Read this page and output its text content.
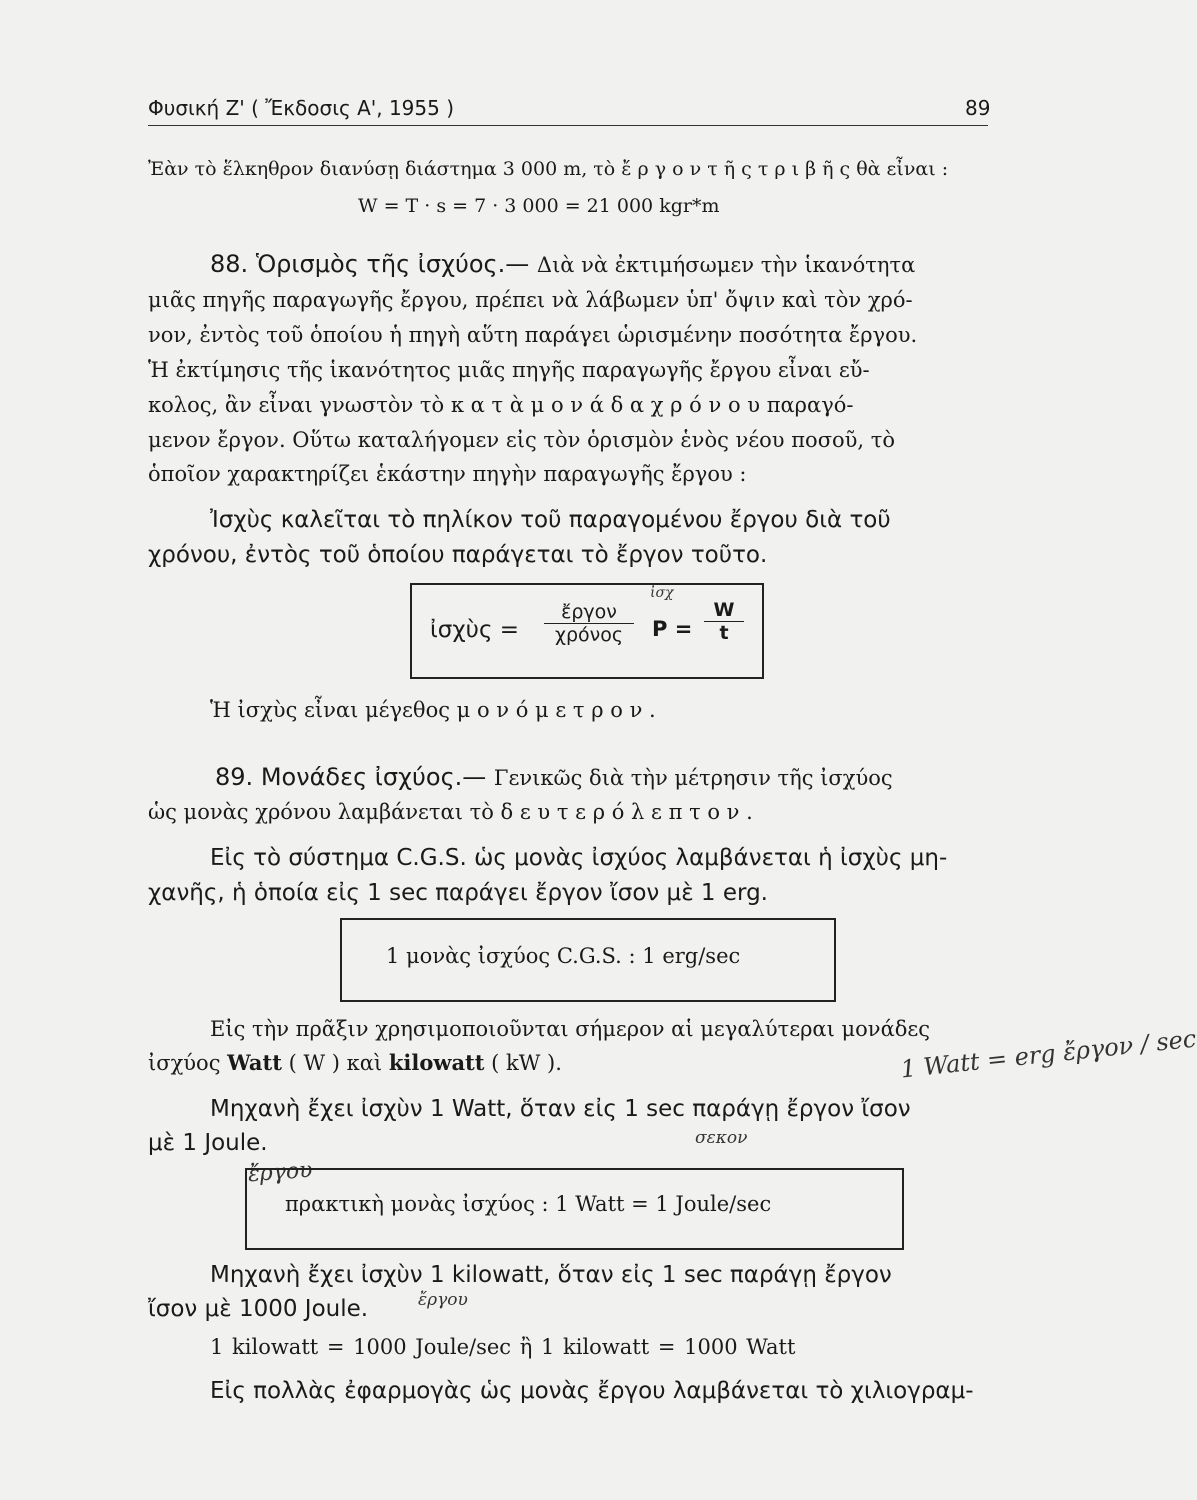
Φυσική Ζ' ( Ἔκδοσις Α', 1955 )	89
Ἐὰν τὸ ἕλκηθρον διανύσῃ διάστημα 3 000 m, τὸ ἔ ρ γ ο ν τ ῆ ς τ ρ ι β ῆ ς θὰ εἶναι :
W = T · s = 7 · 3 000 = 21 000 kgr*m
88. Ὁρισμὸς τῆς ἰσχύος.— Διὰ νὰ ἐκτιμήσωμεν τὴν ἱκανότητα
μιᾶς πηγῆς παραγωγῆς ἔργου, πρέπει νὰ λάβωμεν ὑπ' ὄψιν καὶ τὸν χρό-
νον, ἐντὸς τοῦ ὁποίου ἡ πηγὴ αὕτη παράγει ὡρισμένην ποσότητα ἔργου.
Ἡ ἐκτίμησις τῆς ἱκανότητος μιᾶς πηγῆς παραγωγῆς ἔργου εἶναι εὔ-
κολος, ἂν εἶναι γνωστὸν τὸ κ α τ ὰ μ ο ν ά δ α χ ρ ό ν ο υ παραγό-
μενον ἔργον. Οὕτω καταλήγομεν εἰς τὸν ὁρισμὸν ἑνὸς νέου ποσοῦ, τὸ
ὁποῖον χαρακτηρίζει ἑκάστην πηγὴν παραγωγῆς ἔργου :
Ἰσχὺς καλεῖται τὸ πηλίκον τοῦ παραγομένου ἔργου διὰ τοῦ
χρόνου, ἐντὸς τοῦ ὁποίου παράγεται τὸ ἔργον τοῦτο.
ἰσχὺς =
ἔργον
χρόνος	$P = \frac{W}{t}$
ἰσχ
Ἡ ἰσχὺς εἶναι μέγεθος μ ο ν ό μ ε τ ρ ο ν .
89. Μονάδες ἰσχύος.— Γενικῶς διὰ τὴν μέτρησιν τῆς ἰσχύος
ὡς μονὰς χρόνου λαμβάνεται τὸ δ ε υ τ ε ρ ό λ ε π τ ο ν .
Εἰς τὸ σύστημα C.G.S. ὡς μονὰς ἰσχύος λαμβάνεται ἡ ἰσχὺς μη-
χανῆς, ἡ ὁποία εἰς 1 sec παράγει ἔργον ἴσον μὲ 1 erg.
1 μονὰς ἰσχύος C.G.S. : 1 erg/sec
Εἰς τὴν πρᾶξιν χρησιμοποιοῦνται σήμερον αἱ μεγαλύτεραι μονάδες
ἰσχύος Watt ( W ) καὶ kilowatt ( kW ).	1 Watt = erg ἔργον / sec
Μηχανὴ ἔχει ἰσχὺν 1 Watt, ὅταν εἰς 1 sec παράγῃ ἔργον ἴσον
μὲ 1 Joule.	σεκον
ἔργου
πρακτικὴ μονὰς ἰσχύος : 1 Watt = 1 Joule/sec
Μηχανὴ ἔχει ἰσχὺν 1 kilowatt, ὅταν εἰς 1 sec παράγῃ ἔργον
ἴσον μὲ 1000 Joule.	ἔργου
1 kilowatt = 1000 Joule/sec ἢ 1 kilowatt = 1000 Watt
Εἰς πολλὰς ἐφαρμογὰς ὡς μονὰς ἔργου λαμβάνεται τὸ χιλιογραμ-
